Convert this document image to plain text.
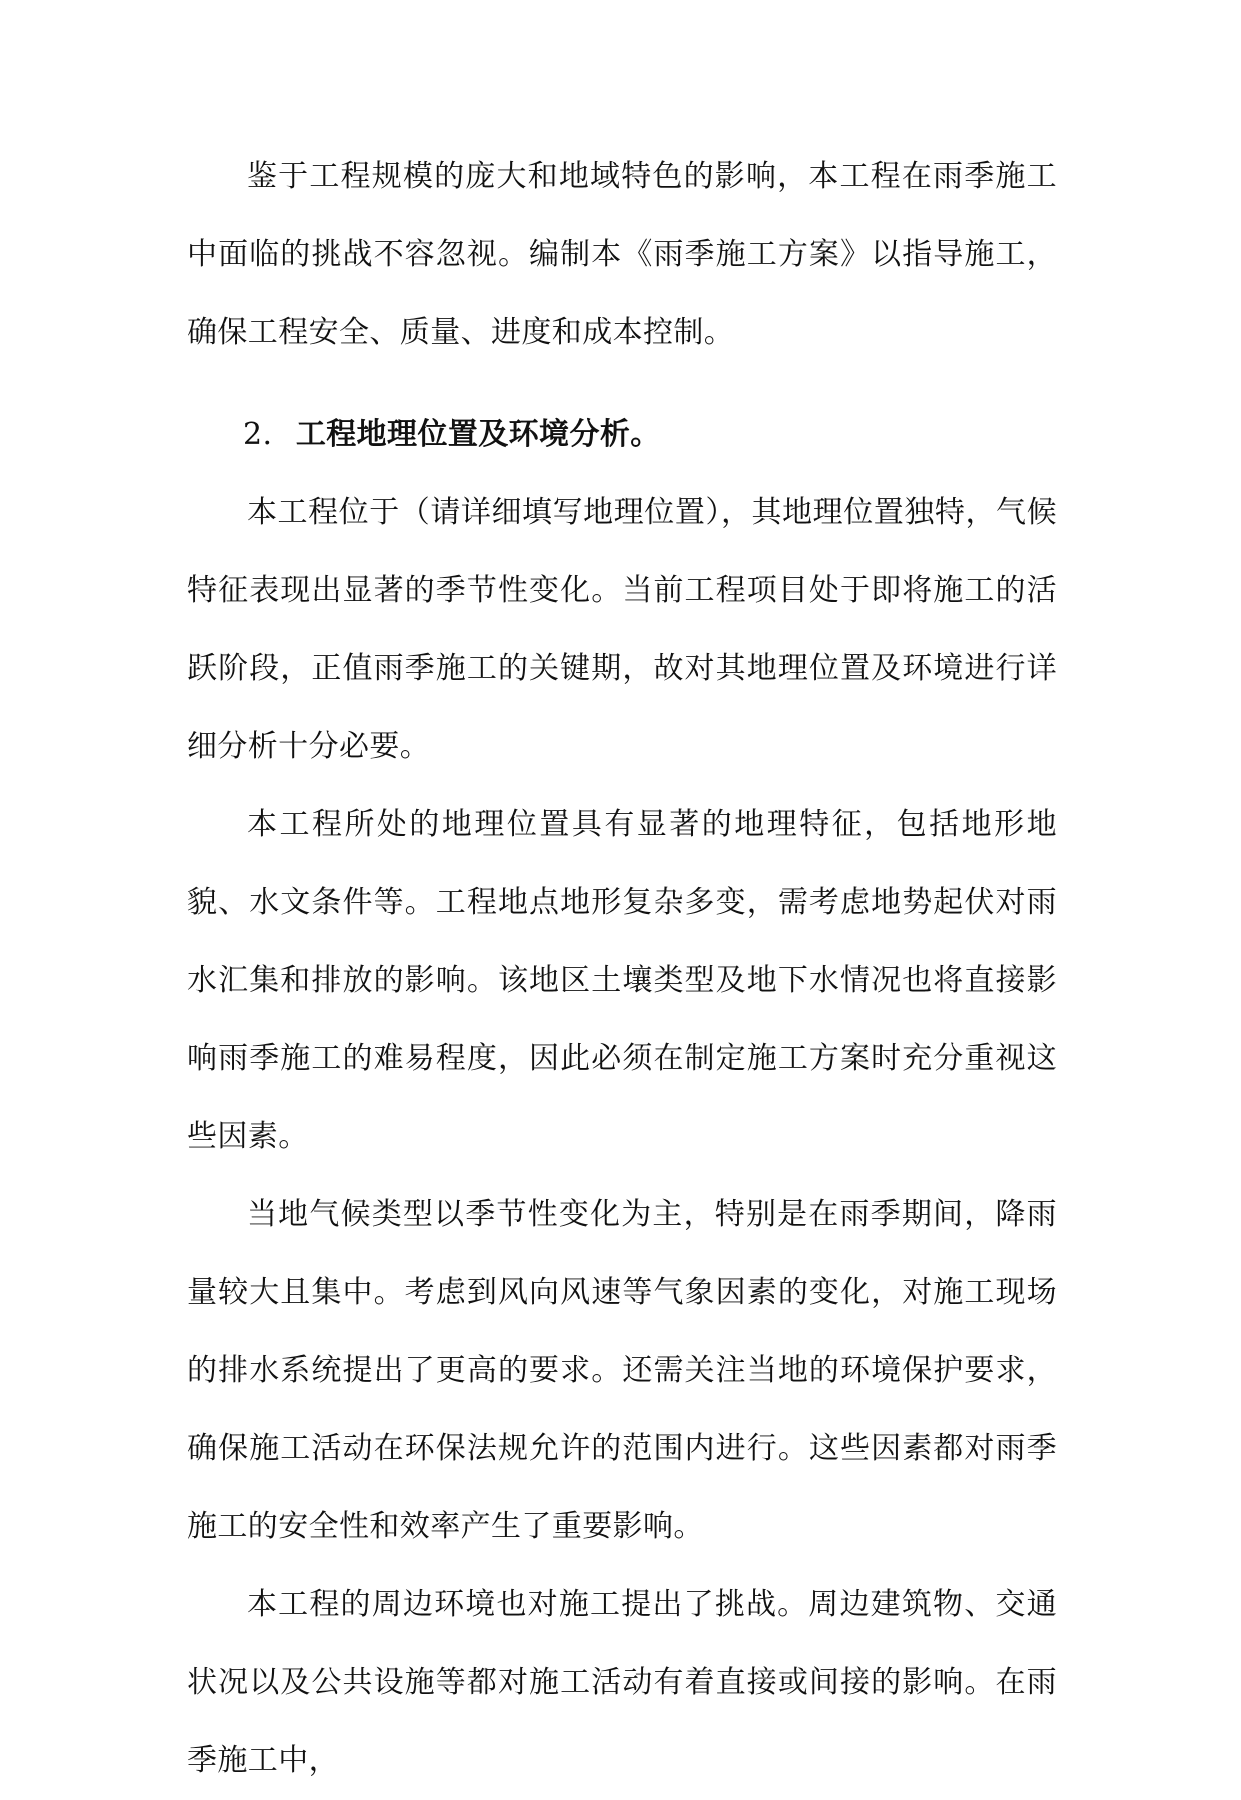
鉴于工程规模的庞大和地域特色的影响，本工程在雨季施工中面临的挑战不容忽视。编制本《雨季施工方案》以指导施工，确保工程安全、质量、进度和成本控制。

2. 工程地理位置及环境分析。

本工程位于（请详细填写地理位置），其地理位置独特，气候特征表现出显著的季节性变化。当前工程项目处于即将施工的活跃阶段，正值雨季施工的关键期，故对其地理位置及环境进行详细分析十分必要。

本工程所处的地理位置具有显著的地理特征，包括地形地貌、水文条件等。工程地点地形复杂多变，需考虑地势起伏对雨水汇集和排放的影响。该地区土壤类型及地下水情况也将直接影响雨季施工的难易程度，因此必须在制定施工方案时充分重视这些因素。

当地气候类型以季节性变化为主，特别是在雨季期间，降雨量较大且集中。考虑到风向风速等气象因素的变化，对施工现场的排水系统提出了更高的要求。还需关注当地的环境保护要求，确保施工活动在环保法规允许的范围内进行。这些因素都对雨季施工的安全性和效率产生了重要影响。

本工程的周边环境也对施工提出了挑战。周边建筑物、交通状况以及公共设施等都对施工活动有着直接或间接的影响。在雨季施工中，
